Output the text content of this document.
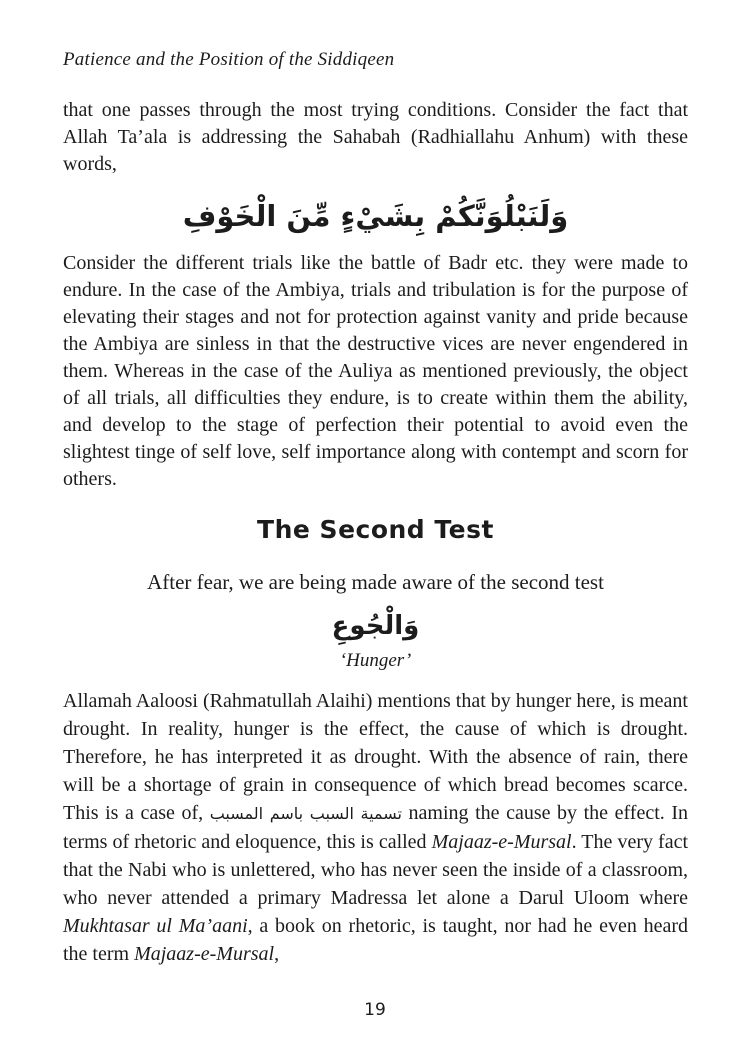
Patience and the Position of the Siddiqeen

that one passes through the most trying conditions. Consider the fact that Allah Ta’ala is addressing the Sahabah (Radhiallahu Anhum) with these words,

وَلَنَبْلُوَنَّكُمْ بِشَيْءٍ مِّنَ الْخَوْفِ

Consider the different trials like the battle of Badr etc. they were made to endure. In the case of the Ambiya, trials and tribulation is for the purpose of elevating their stages and not for protection against vanity and pride because the Ambiya are sinless in that the destructive vices are never engendered in them. Whereas in the case of the Auliya as mentioned previously, the object of all trials, all difficulties they endure, is to create within them the ability, and develop to the stage of perfection their potential to avoid even the slightest tinge of self love, self importance along with contempt and scorn for others.

The Second Test
After fear, we are being made aware of the second test
وَالْجُوعِ
‘Hunger’

Allamah Aaloosi (Rahmatullah Alaihi) mentions that by hunger here, is meant drought. In reality, hunger is the effect, the cause of which is drought. Therefore, he has interpreted it as drought. With the absence of rain, there will be a shortage of grain in consequence of which bread becomes scarce. This is a case of, تسمية السبب باسم المسبب naming the cause by the effect. In terms of rhetoric and eloquence, this is called Majaaz-e-Mursal. The very fact that the Nabi who is unlettered, who has never seen the inside of a classroom, who never attended a primary Madressa let alone a Darul Uloom where Mukhtasar ul Ma’aani, a book on rhetoric, is taught, nor had he even heard the term Majaaz-e-Mursal,

19
